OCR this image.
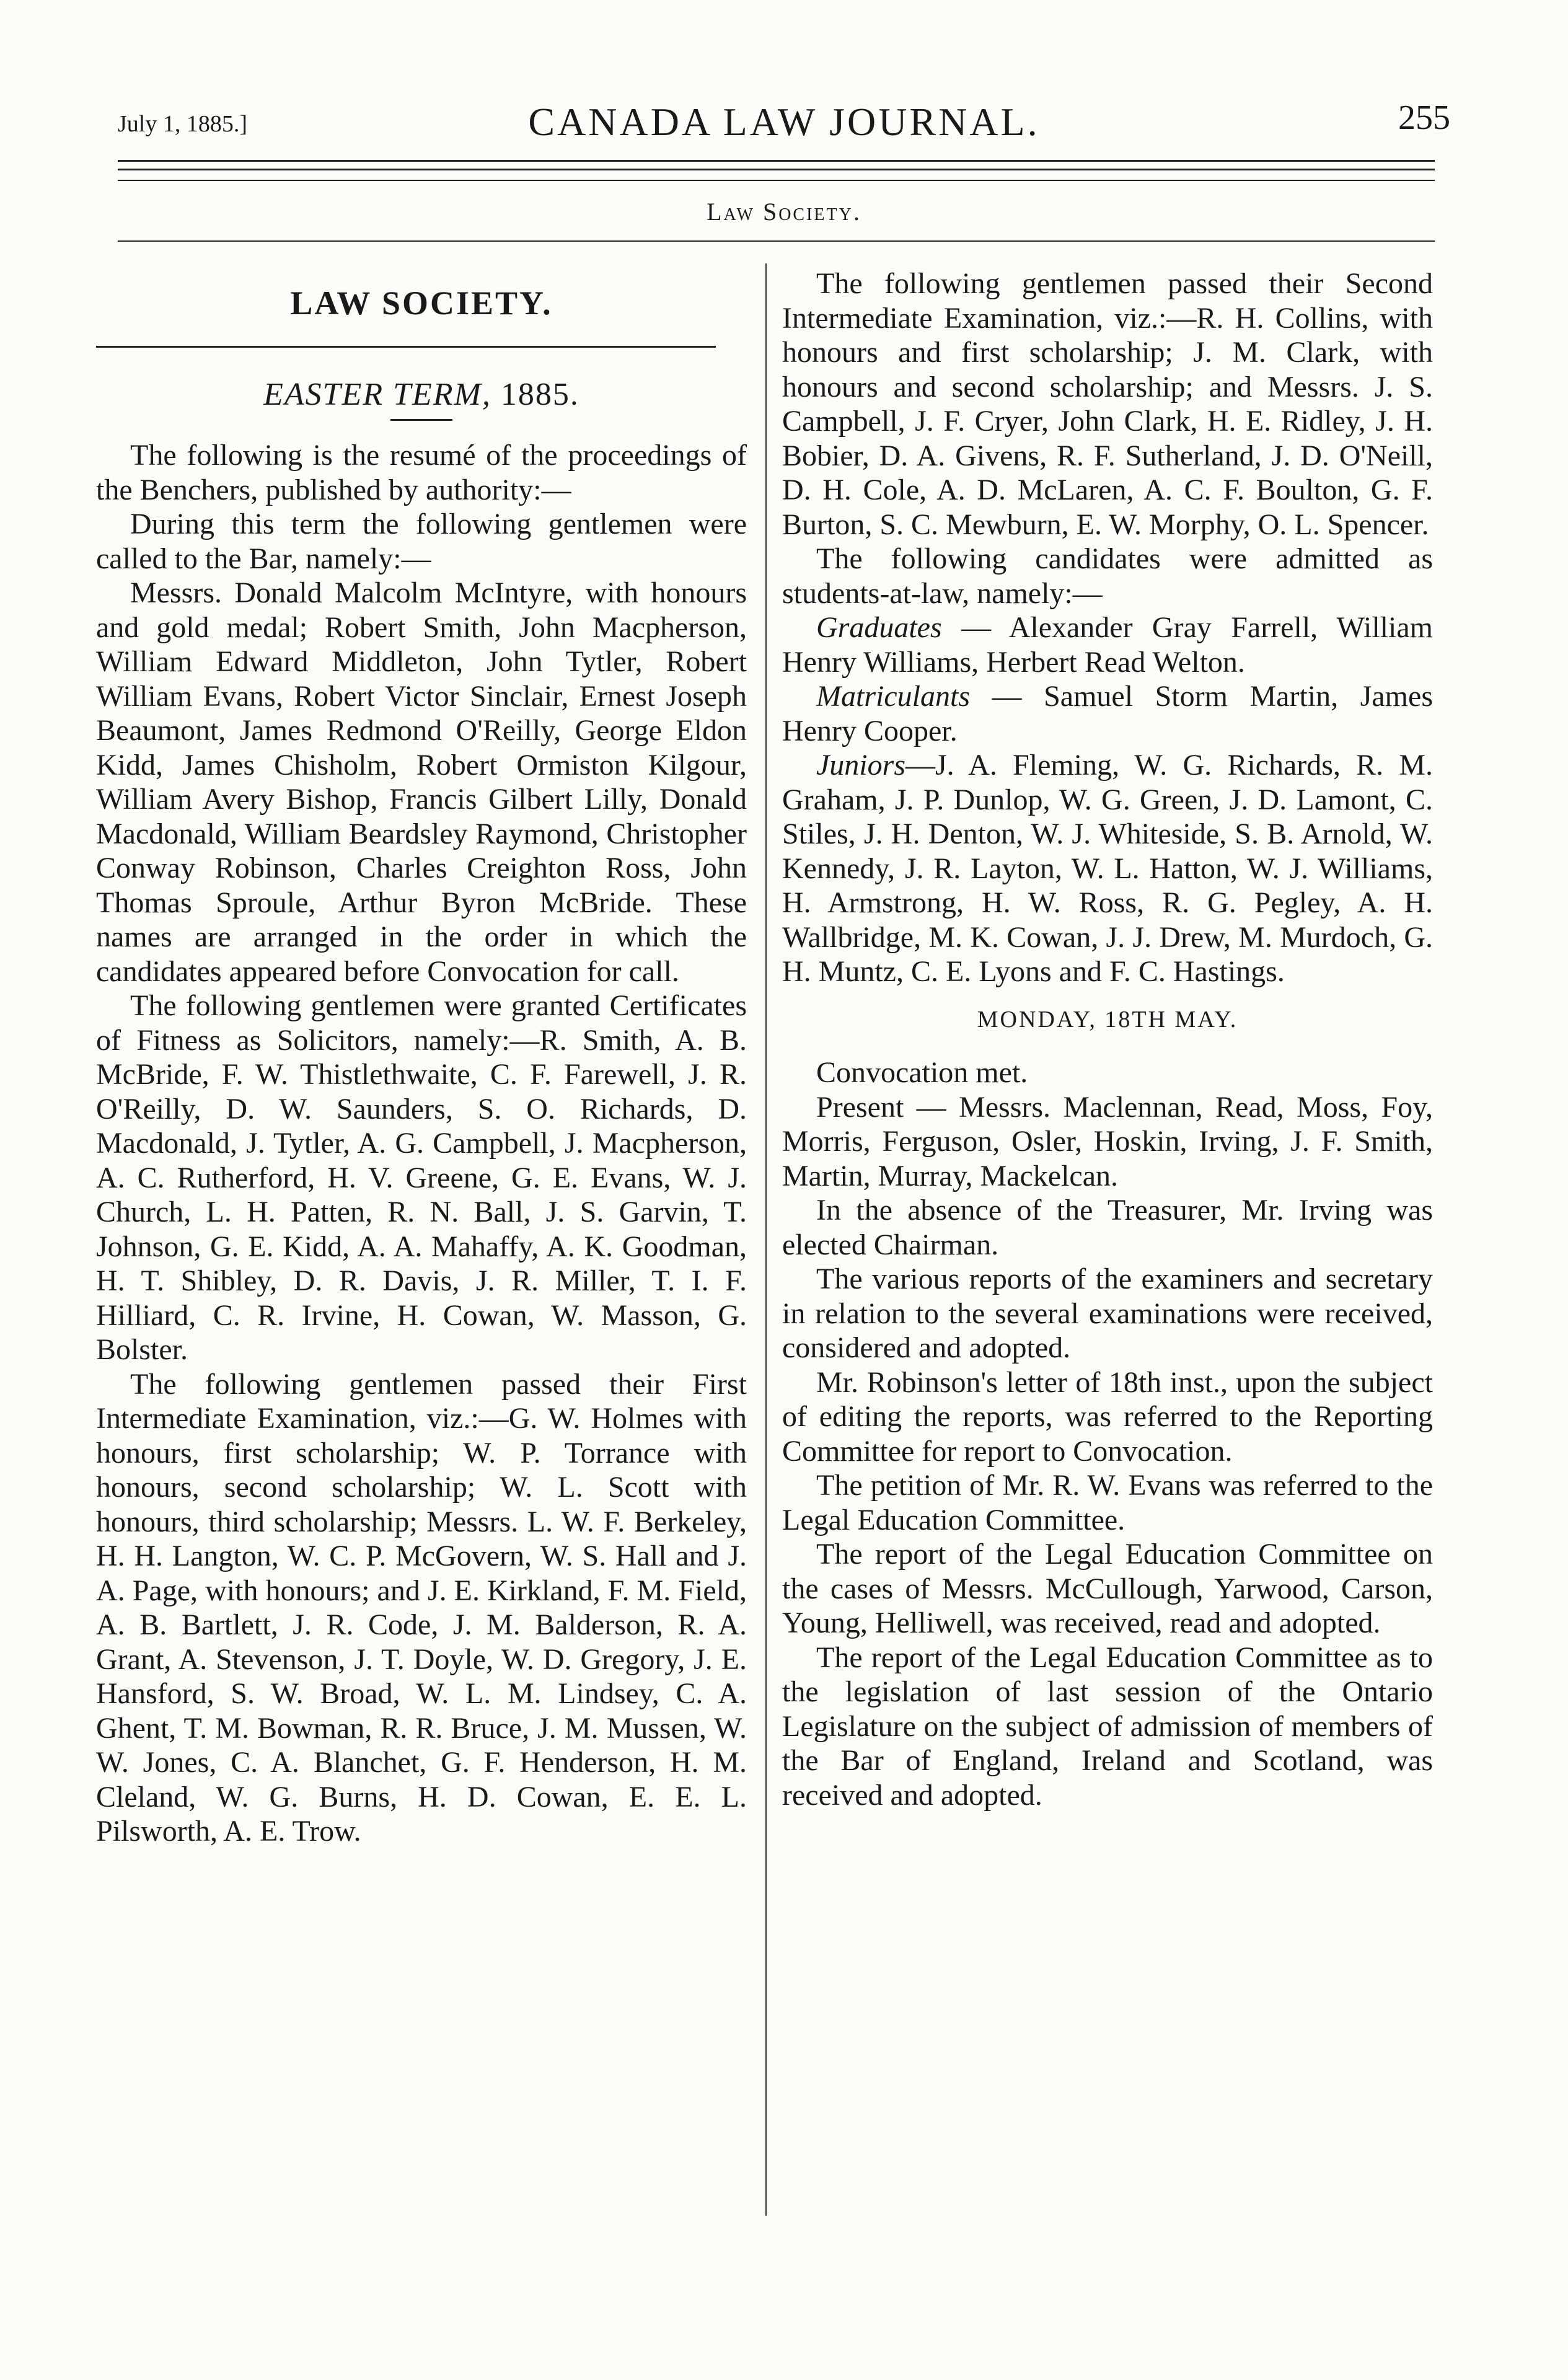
July 1, 1885.]	CANADA LAW JOURNAL.	255
Law Society.
LAW SOCIETY.
EASTER TERM, 1885.

The following is the resumé of the proceedings of the Benchers, published by authority:—

During this term the following gentlemen were called to the Bar, namely:—

Messrs. Donald Malcolm McIntyre, with honours and gold medal; Robert Smith, John Macpherson, William Edward Middleton, John Tytler, Robert William Evans, Robert Victor Sinclair, Ernest Joseph Beaumont, James Redmond O'Reilly, George Eldon Kidd, James Chisholm, Robert Ormiston Kilgour, William Avery Bishop, Francis Gilbert Lilly, Donald Macdonald, William Beardsley Raymond, Christopher Conway Robinson, Charles Creighton Ross, John Thomas Sproule, Arthur Byron McBride. These names are arranged in the order in which the candidates appeared before Convocation for call.

The following gentlemen were granted Certificates of Fitness as Solicitors, namely:—R. Smith, A. B. McBride, F. W. Thistlethwaite, C. F. Farewell, J. R. O'Reilly, D. W. Saunders, S. O. Richards, D. Macdonald, J. Tytler, A. G. Campbell, J. Macpherson, A. C. Rutherford, H. V. Greene, G. E. Evans, W. J. Church, L. H. Patten, R. N. Ball, J. S. Garvin, T. Johnson, G. E. Kidd, A. A. Mahaffy, A. K. Goodman, H. T. Shibley, D. R. Davis, J. R. Miller, T. I. F. Hilliard, C. R. Irvine, H. Cowan, W. Masson, G. Bolster.

The following gentlemen passed their First Intermediate Examination, viz.:—G. W. Holmes with honours, first scholarship; W. P. Torrance with honours, second scholarship; W. L. Scott with honours, third scholarship; Messrs. L. W. F. Berkeley, H. H. Langton, W. C. P. McGovern, W. S. Hall and J. A. Page, with honours; and J. E. Kirkland, F. M. Field, A. B. Bartlett, J. R. Code, J. M. Balderson, R. A. Grant, A. Stevenson, J. T. Doyle, W. D. Gregory, J. E. Hansford, S. W. Broad, W. L. M. Lindsey, C. A. Ghent, T. M. Bowman, R. R. Bruce, J. M. Mussen, W. W. Jones, C. A. Blanchet, G. F. Henderson, H. M. Cleland, W. G. Burns, H. D. Cowan, E. E. L. Pilsworth, A. E. Trow.

The following gentlemen passed their Second Intermediate Examination, viz.:—R. H. Collins, with honours and first scholarship; J. M. Clark, with honours and second scholarship; and Messrs. J. S. Campbell, J. F. Cryer, John Clark, H. E. Ridley, J. H. Bobier, D. A. Givens, R. F. Sutherland, J. D. O'Neill, D. H. Cole, A. D. McLaren, A. C. F. Boulton, G. F. Burton, S. C. Mewburn, E. W. Morphy, O. L. Spencer.

The following candidates were admitted as students-at-law, namely:—

Graduates — Alexander Gray Farrell, William Henry Williams, Herbert Read Welton.

Matriculants — Samuel Storm Martin, James Henry Cooper.

Juniors—J. A. Fleming, W. G. Richards, R. M. Graham, J. P. Dunlop, W. G. Green, J. D. Lamont, C. Stiles, J. H. Denton, W. J. Whiteside, S. B. Arnold, W. Kennedy, J. R. Layton, W. L. Hatton, W. J. Williams, H. Armstrong, H. W. Ross, R. G. Pegley, A. H. Wallbridge, M. K. Cowan, J. J. Drew, M. Murdoch, G. H. Muntz, C. E. Lyons and F. C. Hastings.

MONDAY, 18TH MAY.

Convocation met.

Present — Messrs. Maclennan, Read, Moss, Foy, Morris, Ferguson, Osler, Hoskin, Irving, J. F. Smith, Martin, Murray, Mackelcan.

In the absence of the Treasurer, Mr. Irving was elected Chairman.

The various reports of the examiners and secretary in relation to the several examinations were received, considered and adopted.

Mr. Robinson's letter of 18th inst., upon the subject of editing the reports, was referred to the Reporting Committee for report to Convocation.

The petition of Mr. R. W. Evans was referred to the Legal Education Committee.

The report of the Legal Education Committee on the cases of Messrs. McCullough, Yarwood, Carson, Young, Helliwell, was received, read and adopted.

The report of the Legal Education Committee as to the legislation of last session of the Ontario Legislature on the subject of admission of members of the Bar of England, Ireland and Scotland, was received and adopted.
